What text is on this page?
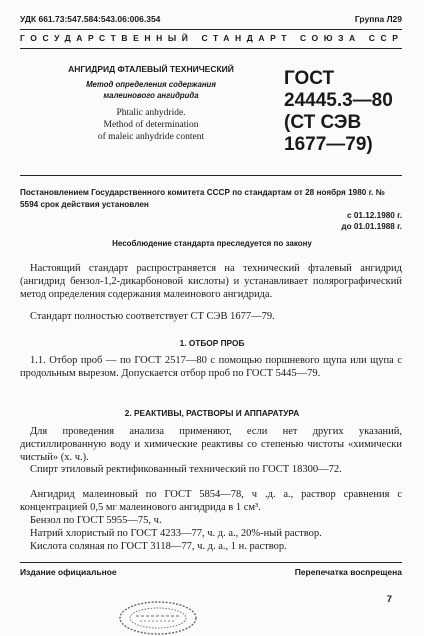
УДК 661.73:547.584:543.06:006.354	Группа Л29
ГОСУДАРСТВЕННЫЙ СТАНДАРТ СОЮЗА ССР
АНГИДРИД ФТАЛЕВЫЙ ТЕХНИЧЕСКИЙ
Метод определения содержания
малеинового ангидрида
Phtalic anhydride.
Method of determination
of maleic anhydride content
ГОСТ
24445.3—80
(СТ СЭВ
1677—79)
Постановлением Государственного комитета СССР по стандартам от 28 ноября 1980 г. № 5594 срок действия установлен
с 01.12.1980 г.
до 01.01.1988 г.
Несоблюдение стандарта преследуется по закону
Настоящий стандарт распространяется на технический фталевый ангидрид (ангидрид бензол-1,2-дикарбоновой кислоты) и устанавливает полярографический метод определения содержания малеинового ангидрида.
Стандарт полностью соответствует СТ СЭВ 1677—79.
1. ОТБОР ПРОБ
1.1. Отбор проб — по ГОСТ 2517—80 с помощью поршневого щупа или щупа с продольным вырезом. Допускается отбор проб по ГОСТ 5445—79.
2. РЕАКТИВЫ, РАСТВОРЫ И АППАРАТУРА
Для проведения анализа применяют, если нет других указаний, дистиллированную воду и химические реактивы со степенью чистоты «химически чистый» (х. ч.).
Спирт этиловый ректификованный технический по ГОСТ 18300—72.
Ангидрид малеиновый по ГОСТ 5854—78, ч .д. а., раствор сравнения с концентрацией 0,5 мг малеинового ангидрида в 1 см³.
Бензол по ГОСТ 5955—75, ч.
Натрий хлористый по ГОСТ 4233—77, ч. д. а., 20%-ный раствор.
Кислота соляная по ГОСТ 3118—77, ч. д. а., 1 н. раствор.
Издание официальное	Перепечатка воспрещена
7
